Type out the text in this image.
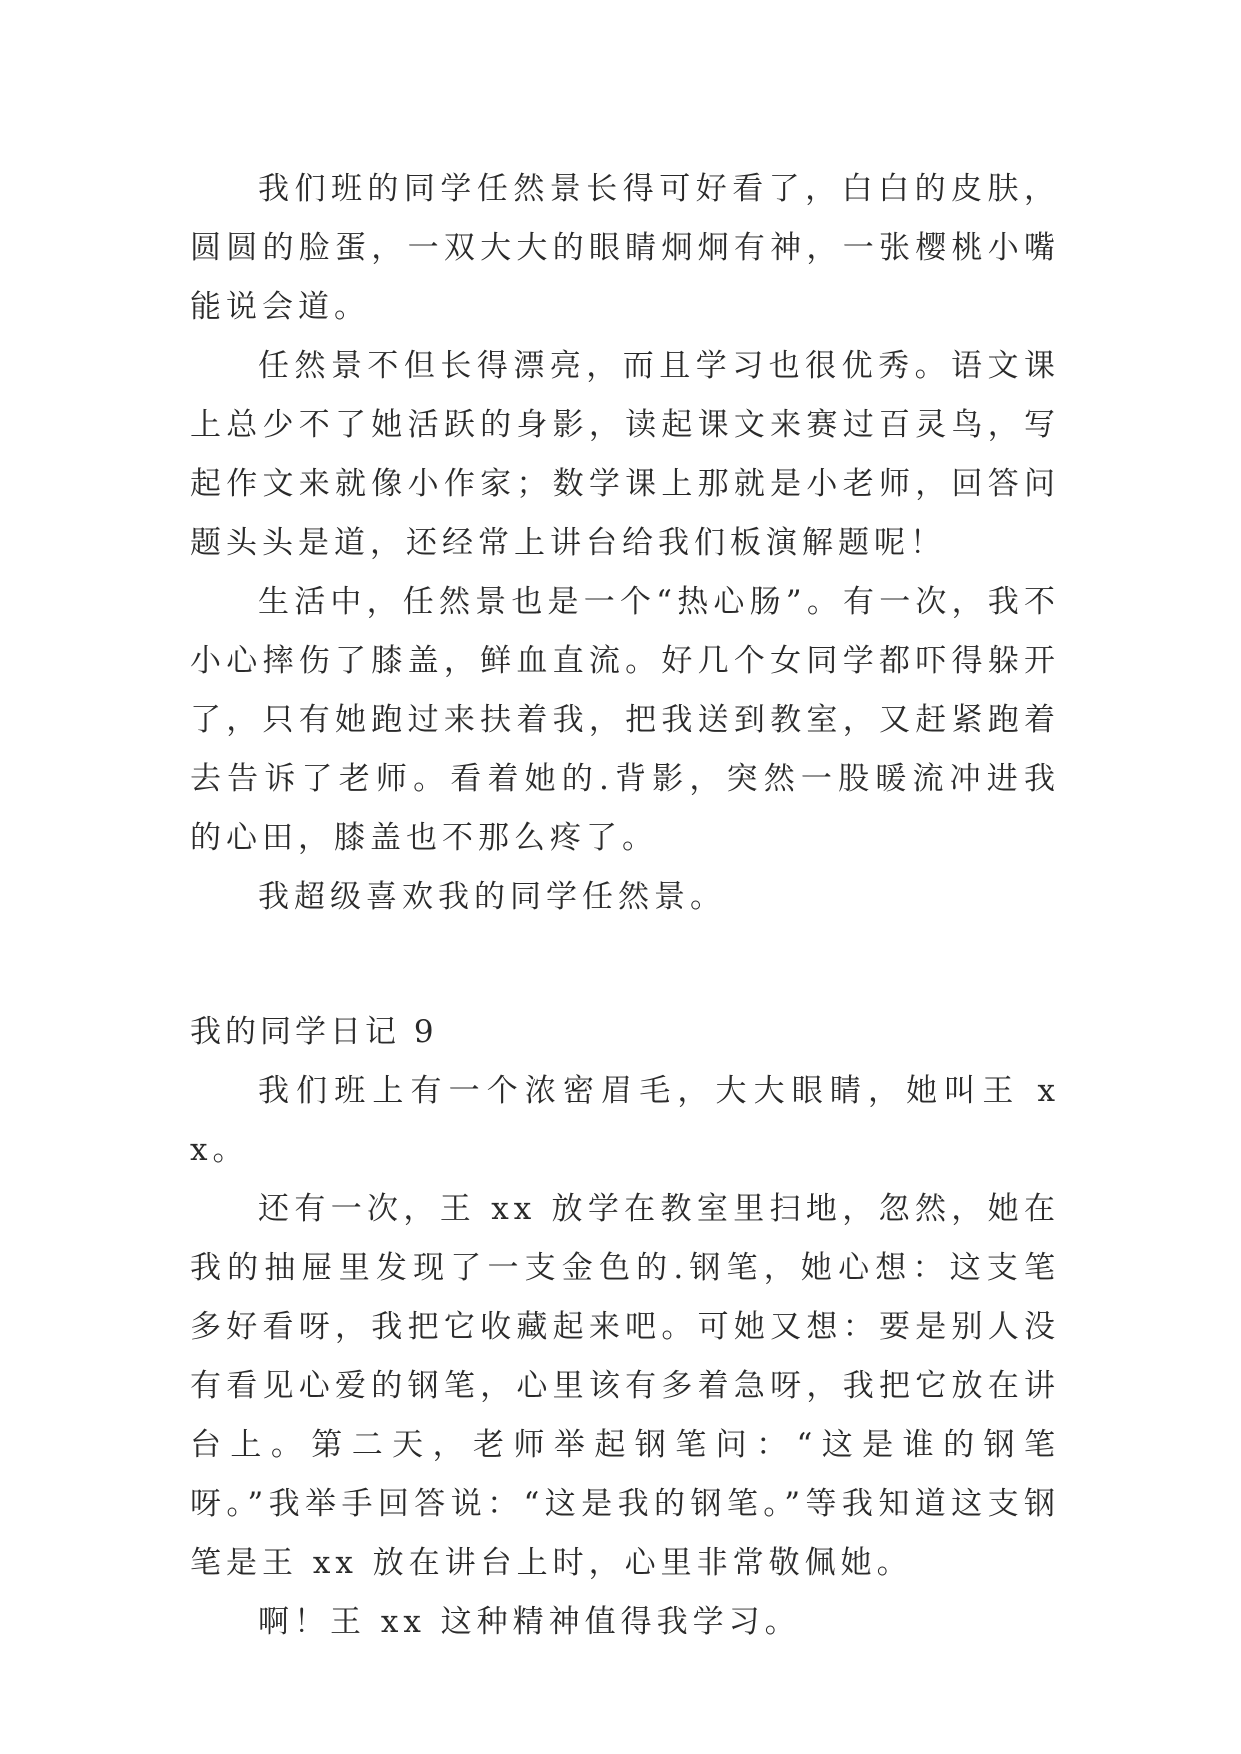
我们班的同学任然景长得可好看了，白白的皮肤，圆圆的脸蛋，一双大大的眼睛炯炯有神，一张樱桃小嘴能说会道。

任然景不但长得漂亮，而且学习也很优秀。语文课上总少不了她活跃的身影，读起课文来赛过百灵鸟，写起作文来就像小作家；数学课上那就是小老师，回答问题头头是道，还经常上讲台给我们板演解题呢！

生活中，任然景也是一个“热心肠”。有一次，我不小心摔伤了膝盖，鲜血直流。好几个女同学都吓得躲开了，只有她跑过来扶着我，把我送到教室，又赶紧跑着去告诉了老师。看着她的.背影，突然一股暖流冲进我的心田，膝盖也不那么疼了。

我超级喜欢我的同学任然景。

我的同学日记 9

我们班上有一个浓密眉毛，大大眼睛，她叫王 xx。

还有一次，王 xx 放学在教室里扫地，忽然，她在我的抽屉里发现了一支金色的.钢笔，她心想：这支笔多好看呀，我把它收藏起来吧。可她又想：要是别人没有看见心爱的钢笔，心里该有多着急呀，我把它放在讲台上。第二天，老师举起钢笔问：“这是谁的钢笔呀。”我举手回答说：“这是我的钢笔。”等我知道这支钢笔是王 xx 放在讲台上时，心里非常敬佩她。

啊！王 xx 这种精神值得我学习。
